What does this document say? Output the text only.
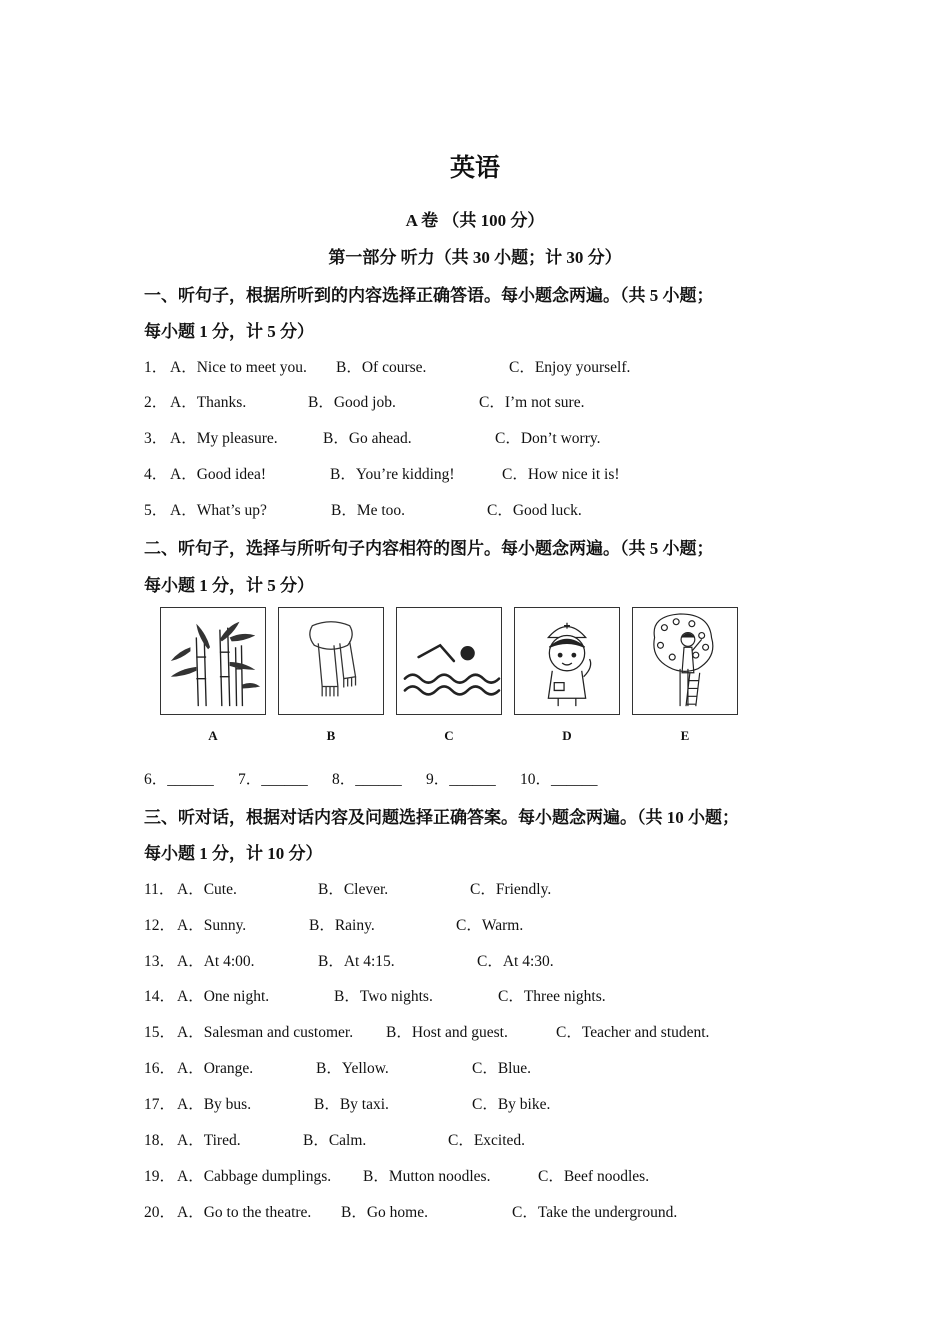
英语
A 卷 （共 100 分）
第一部分 听力（共 30 小题；计 30 分）
一、听句子，根据所听到的内容选择正确答语。每小题念两遍。（共 5 小题；
每小题 1 分，计 5 分）
1． A．Nice to meet you. B．Of course.	C．Enjoy yourself.
2． A．Thanks.	B．Good job.	C．I’m not sure.
3． A．My pleasure.	B．Go ahead.	C．Don’t worry.
4． A．Good idea!	B．You’re kidding!	C．How nice it is!
5． A．What’s up?	B．Me too.	C．Good luck.
二、听句子，选择与所听句子内容相符的图片。每小题念两遍。（共 5 小题；
每小题 1 分，计 5 分）
A	B	C	D	E
6．______ 7．______ 8．______ 9．______ 10．______
三、听对话，根据对话内容及问题选择正确答案。每小题念两遍。（共 10 小题；
每小题 1 分，计 10 分）
11． A．Cute.	B．Clever.	C．Friendly.
12． A．Sunny.	B．Rainy.	C．Warm.
13． A．At 4:00.	B．At 4:15.	C．At 4:30.
14． A．One night.	B．Two nights.	C．Three nights.
15． A．Salesman and customer. B．Host and guest.	C．Teacher and student.
16． A．Orange.	B．Yellow.	C．Blue.
17． A．By bus.	B．By taxi.	C．By bike.
18． A．Tired.	B．Calm.	C．Excited.
19． A．Cabbage dumplings. B．Mutton noodles.	C．Beef noodles.
20． A．Go to the theatre. B．Go home.	C．Take the underground.
